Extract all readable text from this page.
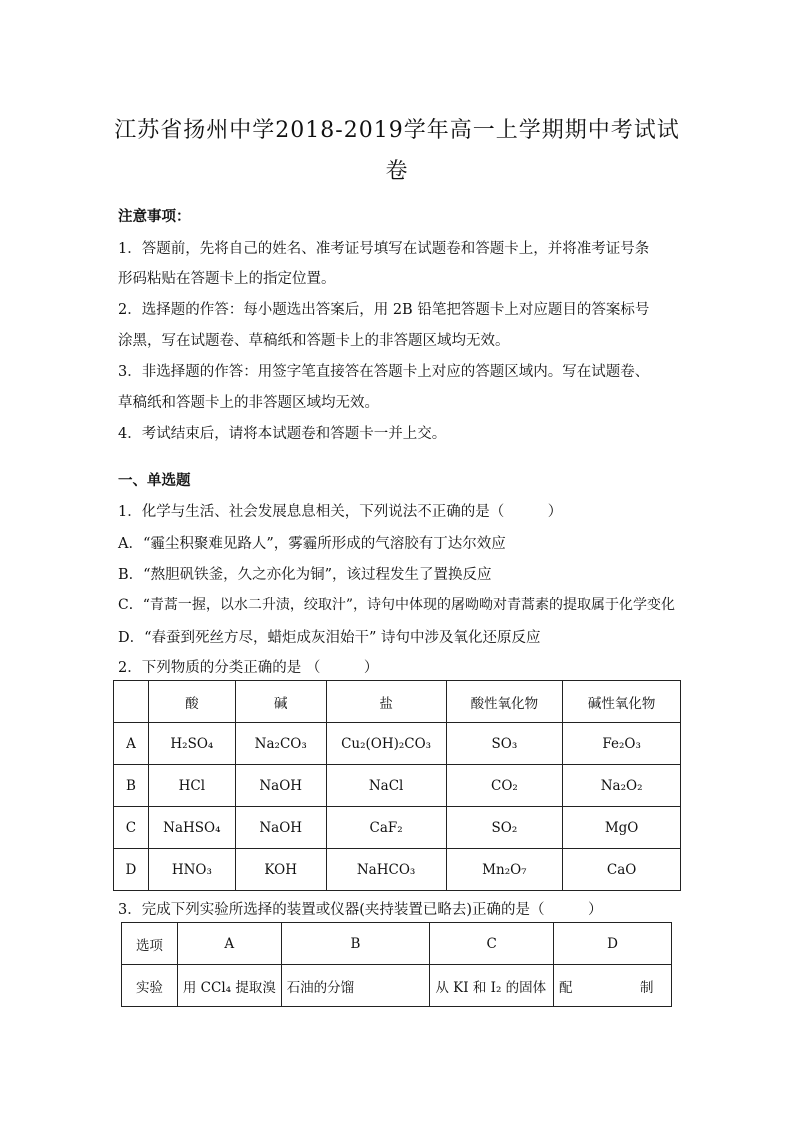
江苏省扬州中学2018-2019学年高一上学期期中考试试
卷
注意事项：
1．答题前，先将自己的姓名、准考证号填写在试题卷和答题卡上，并将准考证号条
形码粘贴在答题卡上的指定位置。
2．选择题的作答：每小题选出答案后，用 2B 铅笔把答题卡上对应题目的答案标号
涂黑，写在试题卷、草稿纸和答题卡上的非答题区域均无效。
3．非选择题的作答：用签字笔直接答在答题卡上对应的答题区域内。写在试题卷、
草稿纸和答题卡上的非答题区域均无效。
4．考试结束后，请将本试题卷和答题卡一并上交。
一、单选题
1．化学与生活、社会发展息息相关，下列说法不正确的是（　　　）
A．“霾尘积聚难见路人”，雾霾所形成的气溶胶有丁达尔效应
B．“熬胆矾铁釜，久之亦化为铜”，该过程发生了置换反应
C．“青蒿一握，以水二升渍，绞取汁”，诗句中体现的屠呦呦对青蒿素的提取属于化学变化
D．“春蚕到死丝方尽，蜡炬成灰泪始干” 诗句中涉及氧化还原反应
2．下列物质的分类正确的是 （　　　）
	酸	碱	盐	酸性氧化物	碱性氧化物
A	H₂SO₄	Na₂CO₃	Cu₂(OH)₂CO₃	SO₃	Fe₂O₃
B	HCl	NaOH	NaCl	CO₂	Na₂O₂
C	NaHSO₄	NaOH	CaF₂	SO₂	MgO
D	HNO₃	KOH	NaHCO₃	Mn₂O₇	CaO
3．完成下列实验所选择的装置或仪器(夹持装置已略去)正确的是（　　　）
选项	A	B	C	D
实验	用 CCl₄ 提取溴	石油的分馏	从 KI 和 I₂ 的固体	配　　　　　制
